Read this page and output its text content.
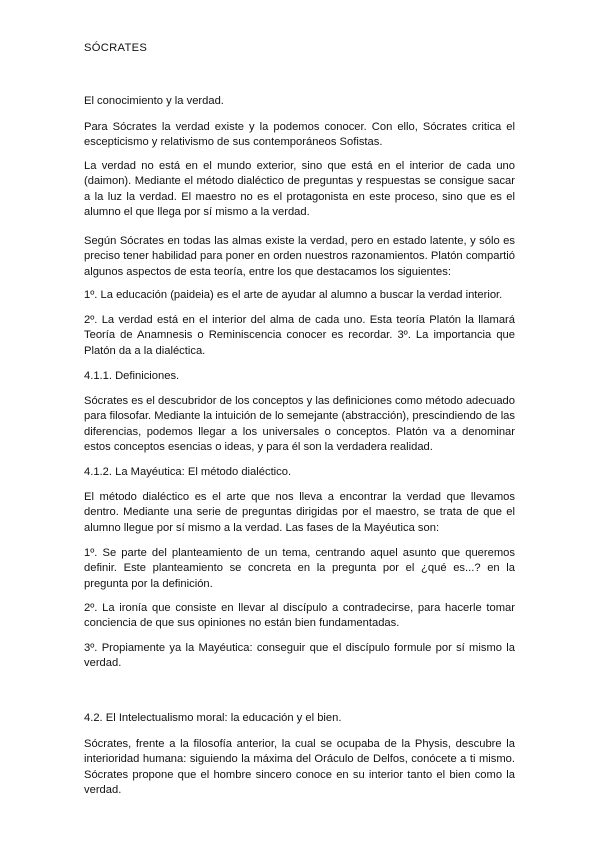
SÓCRATES

El conocimiento y la verdad.

Para Sócrates la verdad existe y la podemos conocer. Con ello, Sócrates critica el escepticismo y relativismo de sus contemporáneos Sofistas.

La verdad no está en el mundo exterior, sino que está en el interior de cada uno (daimon). Mediante el método dialéctico de preguntas y respuestas se consigue sacar a la luz la verdad. El maestro no es el protagonista en este proceso, sino que es el alumno el que llega por sí mismo a la verdad.

Según Sócrates en todas las almas existe la verdad, pero en estado latente, y sólo es preciso tener habilidad para poner en orden nuestros razonamientos. Platón compartió algunos aspectos de esta teoría, entre los que destacamos los siguientes:

1º. La educación (paideia) es el arte de ayudar al alumno a buscar la verdad interior.

2º. La verdad está en el interior del alma de cada uno. Esta teoría Platón la llamará Teoría de Anamnesis o Reminiscencia conocer es recordar. 3º. La importancia que Platón da a la dialéctica.

4.1.1. Definiciones.

Sócrates es el descubridor de los conceptos y las definiciones como método adecuado para filosofar. Mediante la intuición de lo semejante (abstracción), prescindiendo de las diferencias, podemos llegar a los universales o conceptos. Platón va a denominar estos conceptos esencias o ideas, y para él son la verdadera realidad.

4.1.2. La Mayéutica: El método dialéctico.

El método dialéctico es el arte que nos lleva a encontrar la verdad que llevamos dentro. Mediante una serie de preguntas dirigidas por el maestro, se trata de que el alumno llegue por sí mismo a la verdad. Las fases de la Mayéutica son:

1º. Se parte del planteamiento de un tema, centrando aquel asunto que queremos definir. Este planteamiento se concreta en la pregunta por el ¿qué es...? en la pregunta por la definición.

2º. La ironía que consiste en llevar al discípulo a contradecirse, para hacerle tomar conciencia de que sus opiniones no están bien fundamentadas.

3º. Propiamente ya la Mayéutica: conseguir que el discípulo formule por sí mismo la verdad.

4.2. El Intelectualismo moral: la educación y el bien.

Sócrates, frente a la filosofía anterior, la cual se ocupaba de la Physis, descubre la interioridad humana: siguiendo la máxima del Oráculo de Delfos, conócete a ti mismo. Sócrates propone que el hombre sincero conoce en su interior tanto el bien como la verdad.
